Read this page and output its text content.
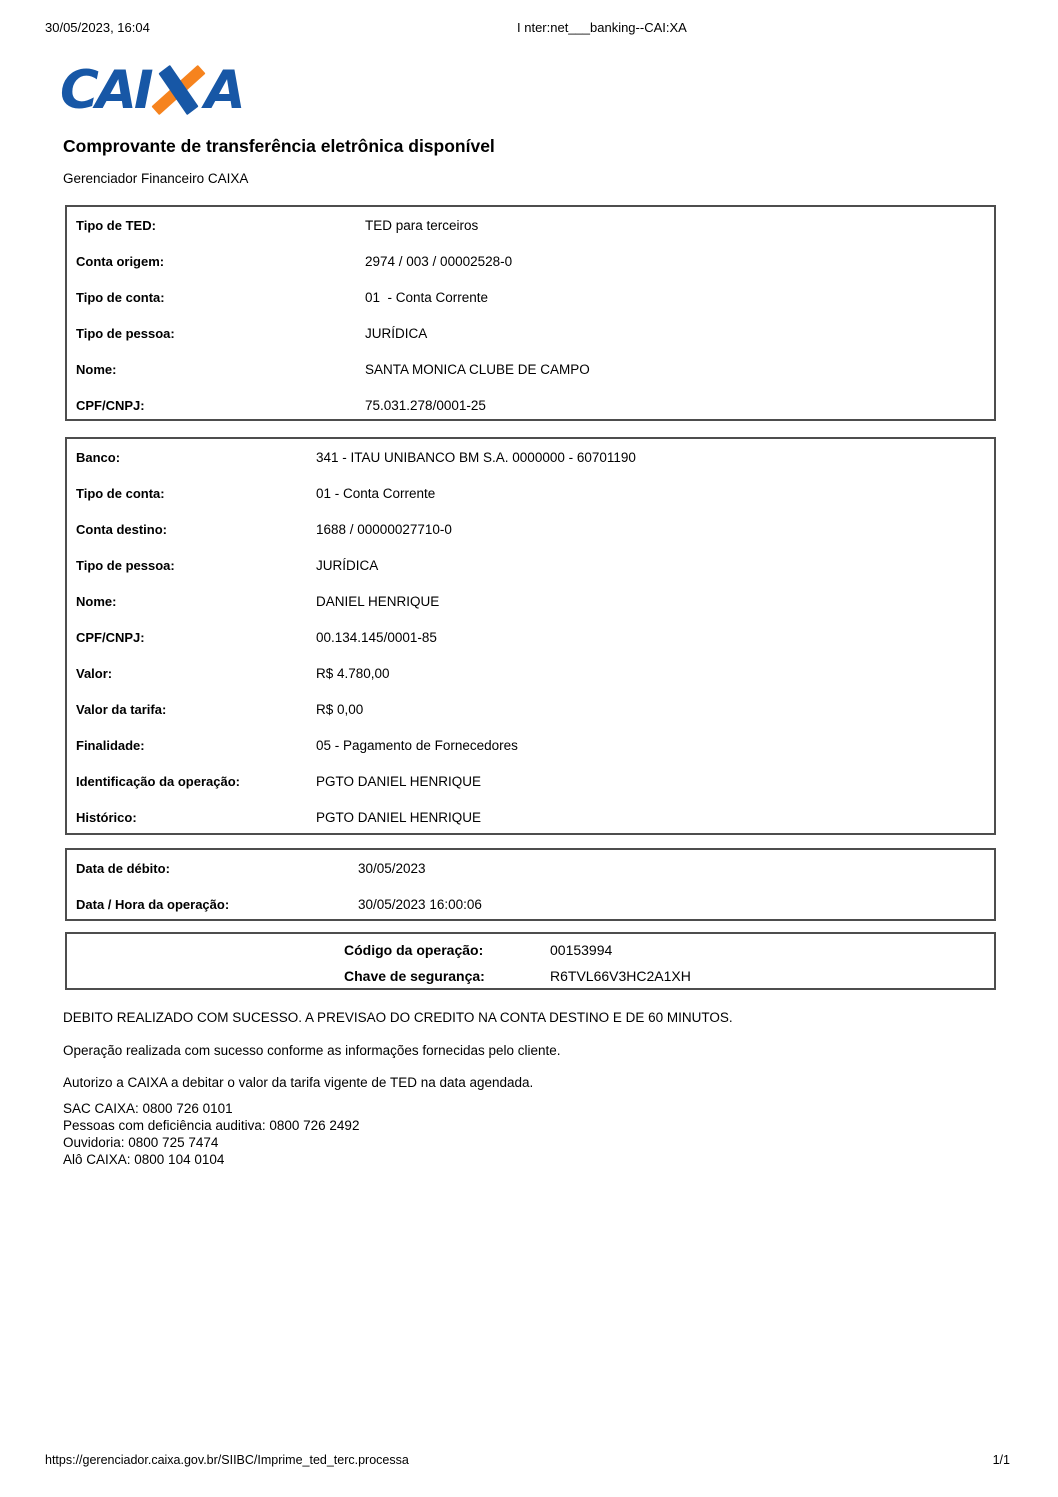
30/05/2023, 16:04	I nter:net___banking--CAI:XA
CAI A
Comprovante de transferência eletrônica disponível
Gerenciador Financeiro CAIXA
Tipo de TED:	TED para terceiros
Conta origem:	2974 / 003 / 00002528-0
Tipo de conta:	01  - Conta Corrente
Tipo de pessoa:	JURÍDICA
Nome:	SANTA MONICA CLUBE DE CAMPO
CPF/CNPJ:	75.031.278/0001-25
Banco:	341 - ITAU UNIBANCO BM S.A. 0000000 - 60701190
Tipo de conta:	01 - Conta Corrente
Conta destino:	1688 / 00000027710-0
Tipo de pessoa:	JURÍDICA
Nome:	DANIEL HENRIQUE
CPF/CNPJ:	00.134.145/0001-85
Valor:	R$ 4.780,00
Valor da tarifa:	R$ 0,00
Finalidade:	05 - Pagamento de Fornecedores
Identificação da operação:	PGTO DANIEL HENRIQUE
Histórico:	PGTO DANIEL HENRIQUE
Data de débito:	30/05/2023
Data / Hora da operação:	30/05/2023 16:00:06
Código da operação:	00153994
Chave de segurança:	R6TVL66V3HC2A1XH

DEBITO REALIZADO COM SUCESSO. A PREVISAO DO CREDITO NA CONTA DESTINO E DE 60 MINUTOS.

Operação realizada com sucesso conforme as informações fornecidas pelo cliente.

Autorizo a CAIXA a debitar o valor da tarifa vigente de TED na data agendada.

SAC CAIXA: 0800 726 0101
Pessoas com deficiência auditiva: 0800 726 2492
Ouvidoria: 0800 725 7474
Alô CAIXA: 0800 104 0104
https://gerenciador.caixa.gov.br/SIIBC/Imprime_ted_terc.processa	1/1
